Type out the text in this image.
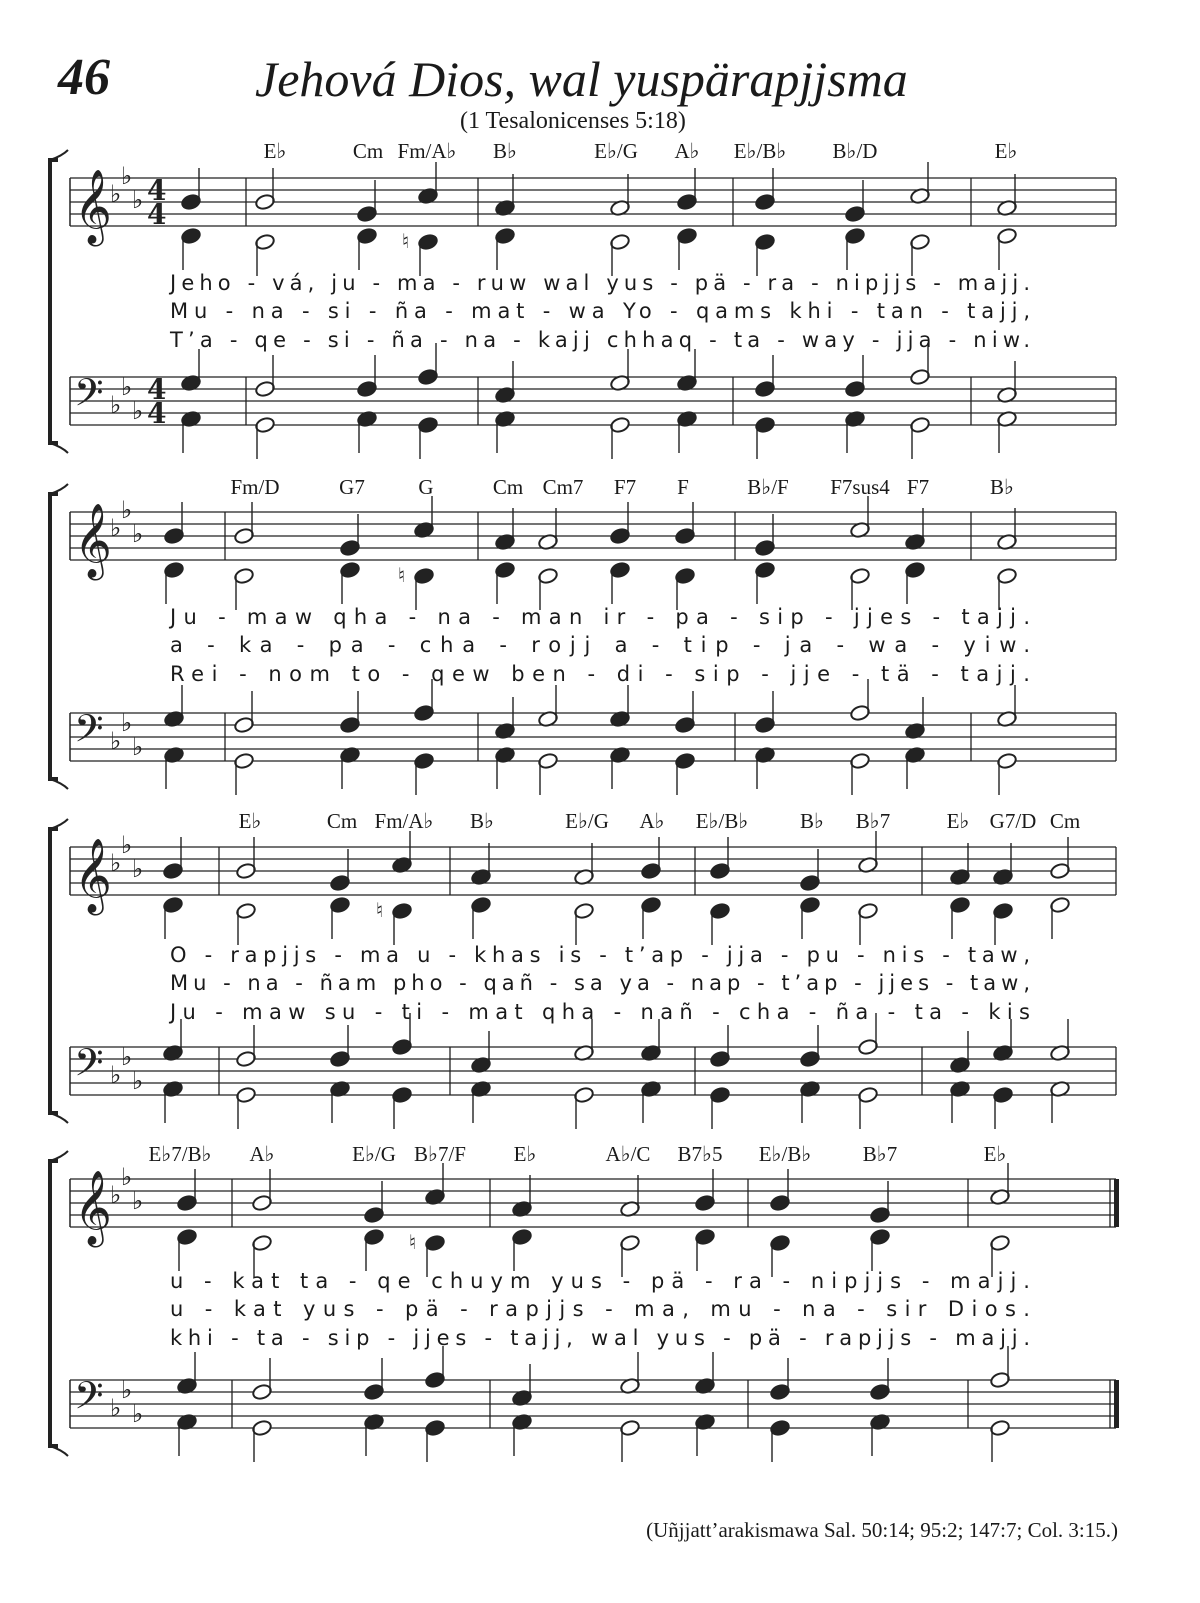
46	Jehová Dios, wal yuspärapjjsma
(1 Tesalonicenses 5:18)
𝄞
♭
♭
♭ 4
4
𝄢 ♭
♭
♭
4
4
♮
E♭	Cm Fm/A♭ B♭	E♭/G A♭ E♭/B♭ B♭/D	E♭
Jeho - vá, ju - ma - ruw wal yus - pä - ra - nipjjs - majj.
Mu - na - si - ña - mat - wa Yo - qams khi - tan - tajj,
T’a - qe - si - ña - na - kajj chhaq - ta - way - jja - niw.
𝄞
♭
♭
♭
𝄢 ♭
♭
♭
♮
Fm/D	G7	G	Cm Cm7 F7 F	B♭/F F7sus4 F7	B♭
Ju - maw qha - na - man ir - pa - sip - jjes - tajj.
a - ka - pa - cha - rojj a - tip - ja - wa - yiw.
Rei - nom to - qew ben - di - sip - jje - tä - tajj.
𝄞
♭
♭
♭
𝄢 ♭
♭
♭
♮
E♭	Cm Fm/A♭ B♭	E♭/G A♭ E♭/B♭ B♭ B♭7	E♭ G7/D Cm
O - rapjjs - ma u - khas is - t’ap - jja - pu - nis - taw,
Mu - na - ñam pho - qañ - sa ya - nap - t’ap - jjes - taw,
Ju - maw su - ti - mat qha - nañ - cha - ña - ta - kis
𝄞
♭
♭
♭
𝄢 ♭
♭
♭
♮
E♭7/B♭ A♭	E♭/G B♭7/F E♭	A♭/C B7♭5 E♭/B♭ B♭7	E♭
u - kat ta - qe chuym yus - pä - ra - nipjjs - majj.
u - kat yus - pä - rapjjs - ma, mu - na - sir Dios.
khi - ta - sip - jjes - tajj, wal yus - pä - rapjjs - majj.
(Uñjjatt’arakismawa Sal. 50:14; 95:2; 147:7; Col. 3:15.)
